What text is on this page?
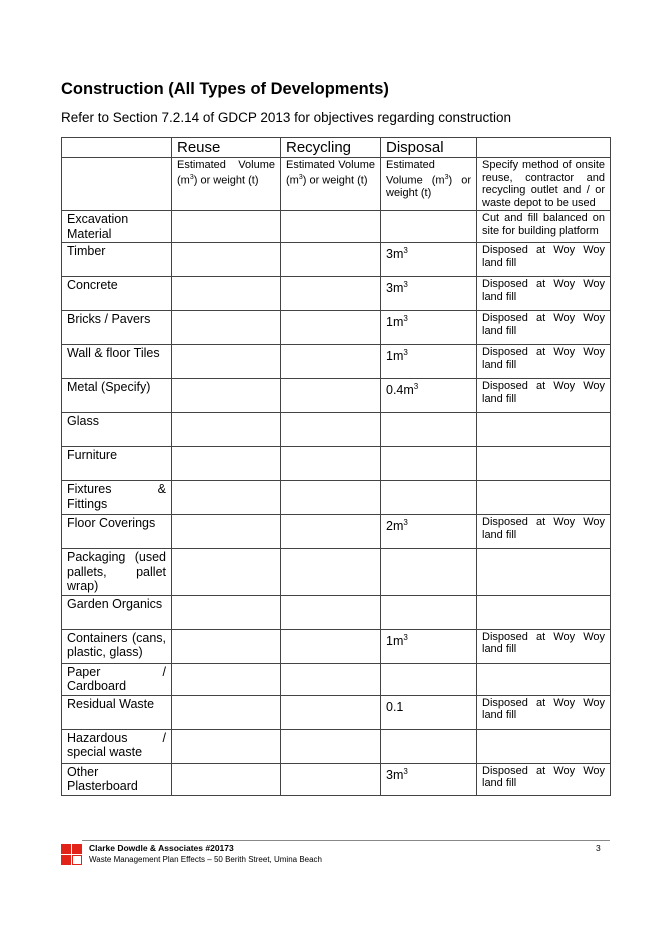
Construction (All Types of Developments)
Refer to Section 7.2.14 of GDCP 2013 for objectives regarding construction
	Reuse	Recycling	Disposal	
	Estimated Volume $(m^3)$ or weight (t)	Estimated Volume $(m^3)$ or weight (t)	Estimated Volume $(m^3)$ or weight (t)	Specify method of onsite reuse, contractor and recycling outlet and / or waste depot to be used
Excavation Material				Cut and fill balanced on site for building platform
Timber			$3m^3$	Disposed at Woy Woy land fill
Concrete			$3m^3$	Disposed at Woy Woy land fill
Bricks / Pavers			$1m^3$	Disposed at Woy Woy land fill
Wall & floor Tiles			$1m^3$	Disposed at Woy Woy land fill
Metal (Specify)			$0.4m^3$	Disposed at Woy Woy land fill
Glass				
Furniture				
Fixtures & Fittings				
Floor Coverings			$2m^3$	Disposed at Woy Woy land fill
Packaging (used pallets, pallet wrap)				
Garden Organics				
Containers (cans, plastic, glass)			$1m^3$	Disposed at Woy Woy land fill
Paper / Cardboard				
Residual Waste			0.1	Disposed at Woy Woy land fill
Hazardous / special waste				
Other Plasterboard			$3m^3$	Disposed at Woy Woy land fill
Clarke Dowdle & Associates #20173
Waste Management Plan Effects – 50 Berith Street, Umina Beach
3
